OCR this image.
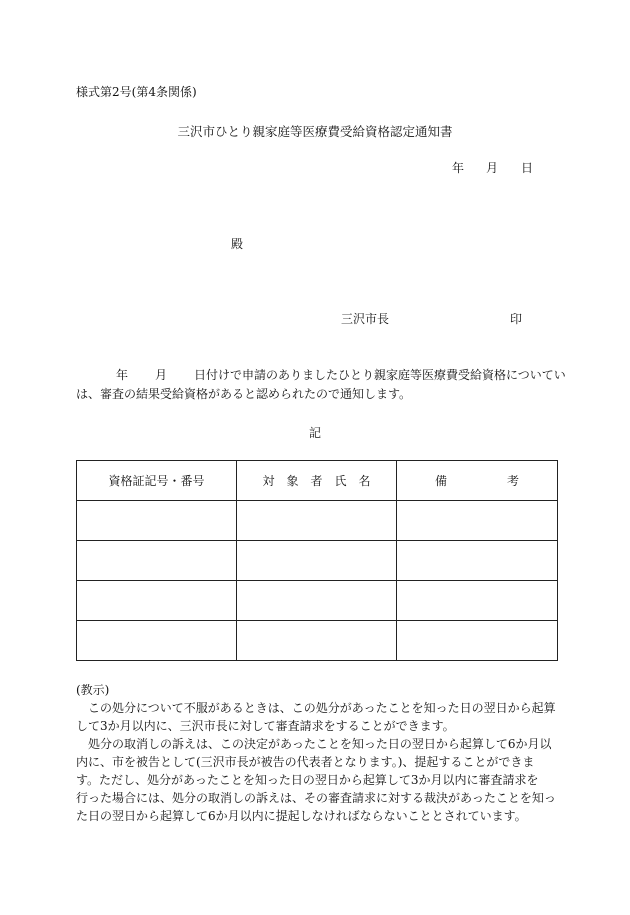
様式第2号(第4条関係)
三沢市ひとり親家庭等医療費受給資格認定通知書
年 月 日
殿
三沢市長	印
年 月 日付けで申請のありましたひとり親家庭等医療費受給資格についてい
は、審査の結果受給資格があると認められたので通知します。
記
資格証記号・番号	対　象　者　氏　名	備考

(教示)
この処分について不服があるときは、この処分があったことを知った日の翌日から起算
して3か月以内に、三沢市長に対して審査請求をすることができます。
処分の取消しの訴えは、この決定があったことを知った日の翌日から起算して6か月以
内に、市を被告として(三沢市長が被告の代表者となります。)、提起することができま
す。ただし、処分があったことを知った日の翌日から起算して3か月以内に審査請求を
行った場合には、処分の取消しの訴えは、その審査請求に対する裁決があったことを知っ
た日の翌日から起算して6か月以内に提起しなければならないこととされています。
